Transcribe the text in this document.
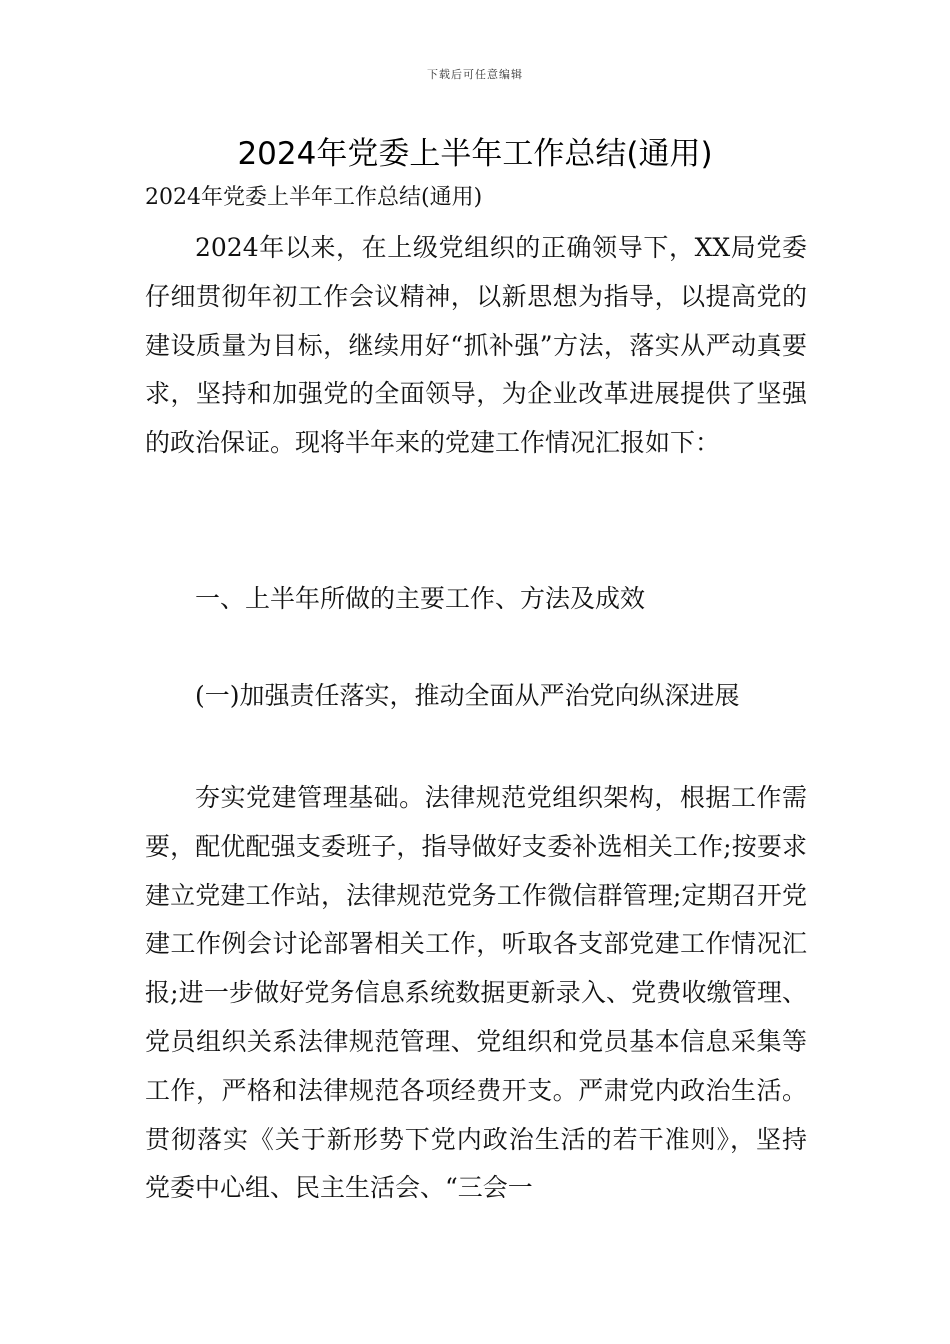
下载后可任意编辑
2024年党委上半年工作总结(通用)

2024年党委上半年工作总结(通用)

2024年以来，在上级党组织的正确领导下，XX局党委仔细贯彻年初工作会议精神，以新思想为指导，以提高党的建设质量为目标，继续用好“抓补强”方法，落实从严动真要求，坚持和加强党的全面领导，为企业改革进展提供了坚强的政治保证。现将半年来的党建工作情况汇报如下：

一、上半年所做的主要工作、方法及成效

(一)加强责任落实，推动全面从严治党向纵深进展

夯实党建管理基础。法律规范党组织架构，根据工作需要，配优配强支委班子，指导做好支委补选相关工作;按要求建立党建工作站，法律规范党务工作微信群管理;定期召开党建工作例会讨论部署相关工作，听取各支部党建工作情况汇报;进一步做好党务信息系统数据更新录入、党费收缴管理、党员组织关系法律规范管理、党组织和党员基本信息采集等工作，严格和法律规范各项经费开支。严肃党内政治生活。贯彻落实《关于新形势下党内政治生活的若干准则》，坚持党委中心组、民主生活会、“三会一
